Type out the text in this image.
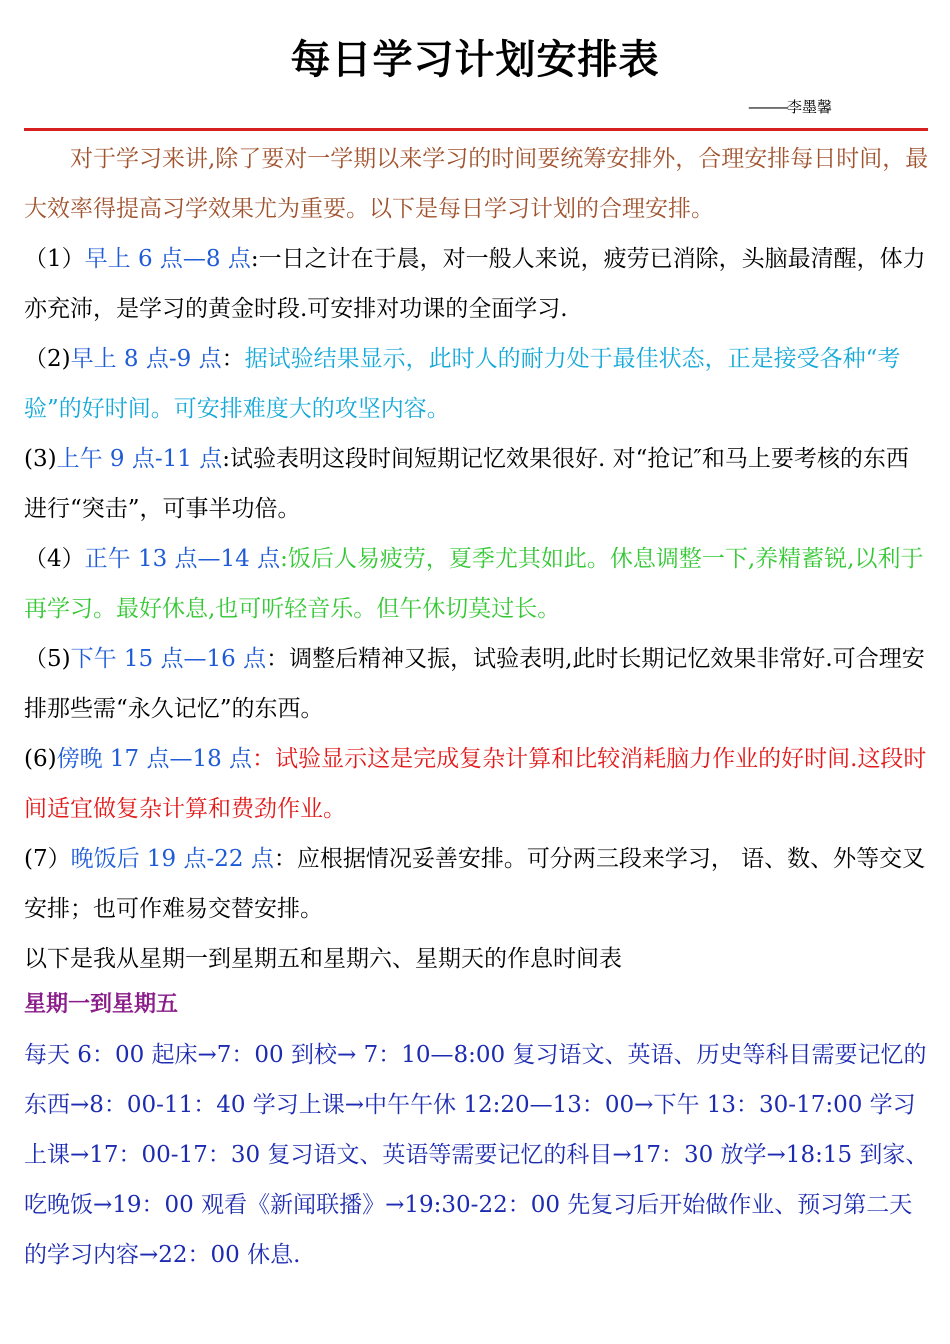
每日学习计划安排表
———李墨馨

对于学习来讲,除了要对一学期以来学习的时间要统筹安排外，合理安排每日时间，最大效率得提高习学效果尤为重要。以下是每日学习计划的合理安排。

（1）早上 6 点—8 点:一日之计在于晨，对一般人来说，疲劳已消除，头脑最清醒，体力亦充沛，是学习的黄金时段.可安排对功课的全面学习.

（2)早上 8 点-9 点：据试验结果显示，此时人的耐力处于最佳状态，正是接受各种“考验”的好时间。可安排难度大的攻坚内容。

(3)上午 9 点-11 点:试验表明这段时间短期记忆效果很好. 对“抢记″和马上要考核的东西进行“突击”，可事半功倍。

（4）正午 13 点—14 点:饭后人易疲劳，夏季尤其如此。休息调整一下,养精蓄锐,以利于再学习。最好休息,也可听轻音乐。但午休切莫过长。

（5)下午 15 点—16 点：调整后精神又振，试验表明,此时长期记忆效果非常好.可合理安排那些需“永久记忆”的东西。

(6)傍晚 17 点—18 点：试验显示这是完成复杂计算和比较消耗脑力作业的好时间.这段时间适宜做复杂计算和费劲作业。

(7）晚饭后 19 点-22 点：应根据情况妥善安排。可分两三段来学习， 语、数、外等交叉安排；也可作难易交替安排。

以下是我从星期一到星期五和星期六、星期天的作息时间表

星期一到星期五

每天 6：00 起床→7：00 到校→ 7：10—8:00 复习语文、英语、历史等科目需要记忆的东西→8：00-11：40 学习上课→中午午休 12:20—13：00→下午 13：30-17:00 学习上课→17：00-17：30 复习语文、英语等需要记忆的科目→17：30 放学→18:15 到家、吃晚饭→19：00 观看《新闻联播》→19:30-22：00 先复习后开始做作业、预习第二天的学习内容→22：00 休息.
